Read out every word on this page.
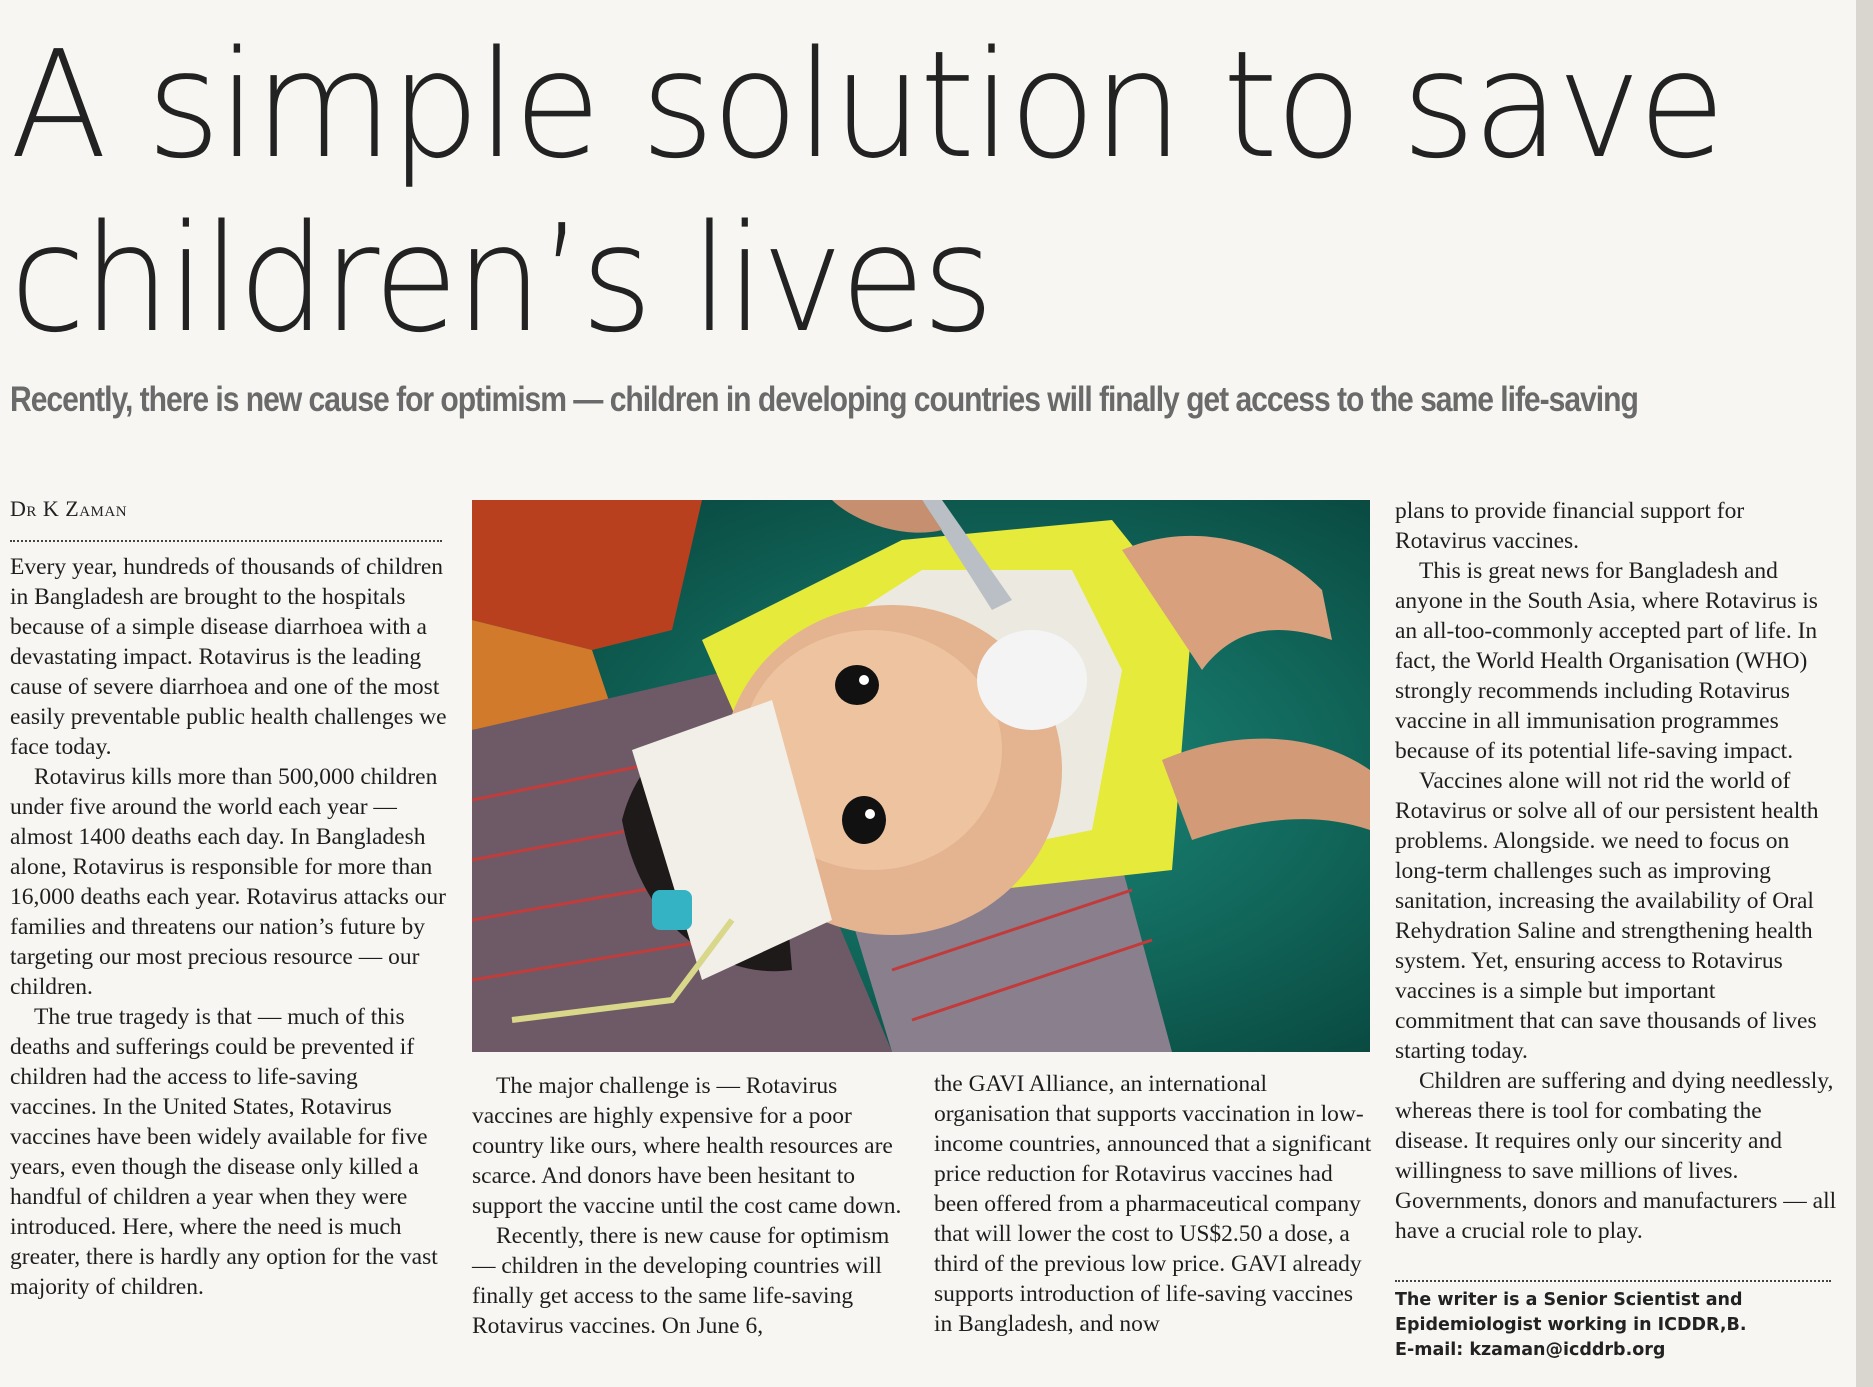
A simple solution to save
children’s lives
Recently, there is new cause for optimism — children in developing countries will finally get access to the same life-saving
Dr K Zaman

Every year, hundreds of thousands of children in Bangladesh are brought to the hospitals because of a simple disease diarrhoea with a devastating impact. Rotavirus is the leading cause of severe diarrhoea and one of the most easily preventable public health challenges we face today.

Rotavirus kills more than 500,000 children under five around the world each year — almost 1400 deaths each day. In Bangladesh alone, Rotavirus is responsible for more than 16,000 deaths each year. Rotavirus attacks our families and threatens our nation’s future by targeting our most precious resource — our children.

The true tragedy is that — much of this deaths and sufferings could be prevented if children had the access to life-saving vaccines. In the United States, Rotavirus vaccines have been widely available for five years, even though the disease only killed a handful of children a year when they were introduced. Here, where the need is much greater, there is hardly any option for the vast majority of children.

The major challenge is — Rotavirus vaccines are highly expensive for a poor country like ours, where health resources are scarce. And donors have been hesitant to support the vaccine until the cost came down.

Recently, there is new cause for optimism — children in the developing countries will finally get access to the same life-saving Rotavirus vaccines. On June 6,

the GAVI Alliance, an international organisation that supports vaccination in low-income countries, announced that a significant price reduction for Rotavirus vaccines had been offered from a pharmaceutical company that will lower the cost to US$2.50 a dose, a third of the previous low price. GAVI already supports introduction of life-saving vaccines in Bangladesh, and now

plans to provide financial support for Rotavirus vaccines.

This is great news for Bangladesh and anyone in the South Asia, where Rotavirus is an all-too-commonly accepted part of life. In fact, the World Health Organisation (WHO) strongly recommends including Rotavirus vaccine in all immunisation programmes because of its potential life-saving impact.

Vaccines alone will not rid the world of Rotavirus or solve all of our persistent health problems. Alongside. we need to focus on long-term challenges such as improving sanitation, increasing the availability of Oral Rehydration Saline and strengthening health system. Yet, ensuring access to Rotavirus vaccines is a simple but important commitment that can save thousands of lives starting today.

Children are suffering and dying needlessly, whereas there is tool for combating the disease. It requires only our sincerity and willingness to save millions of lives. Governments, donors and manufacturers — all have a crucial role to play.

The writer is a Senior Scientist and
Epidemiologist working in ICDDR,B.
E-mail: kzaman@icddrb.org
